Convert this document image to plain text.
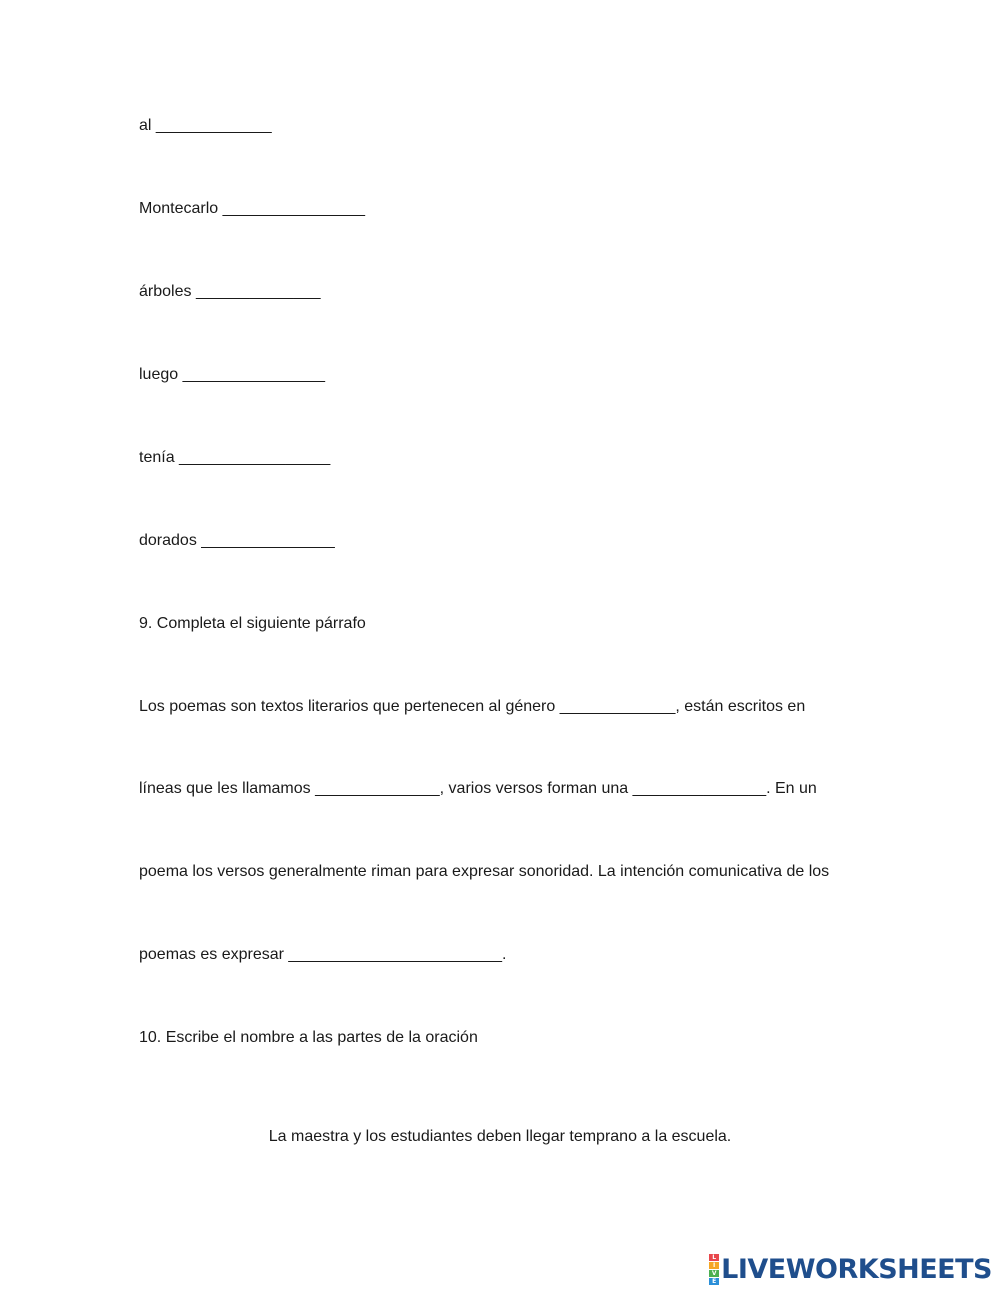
al _____________

Montecarlo ________________

árboles ______________

luego ________________

tenía _________________

dorados _______________

9. Completa el siguiente párrafo

Los poemas son textos literarios que pertenecen al género _____________, están escritos en

líneas que les llamamos ______________, varios versos forman una _______________. En un

poema los versos generalmente riman para expresar sonoridad. La intención comunicativa de los

poemas es expresar ________________________.

10. Escribe el nombre a las partes de la oración

La maestra y los estudiantes deben llegar temprano a la escuela.

L
I
V
E LIVEWORKSHEETS
